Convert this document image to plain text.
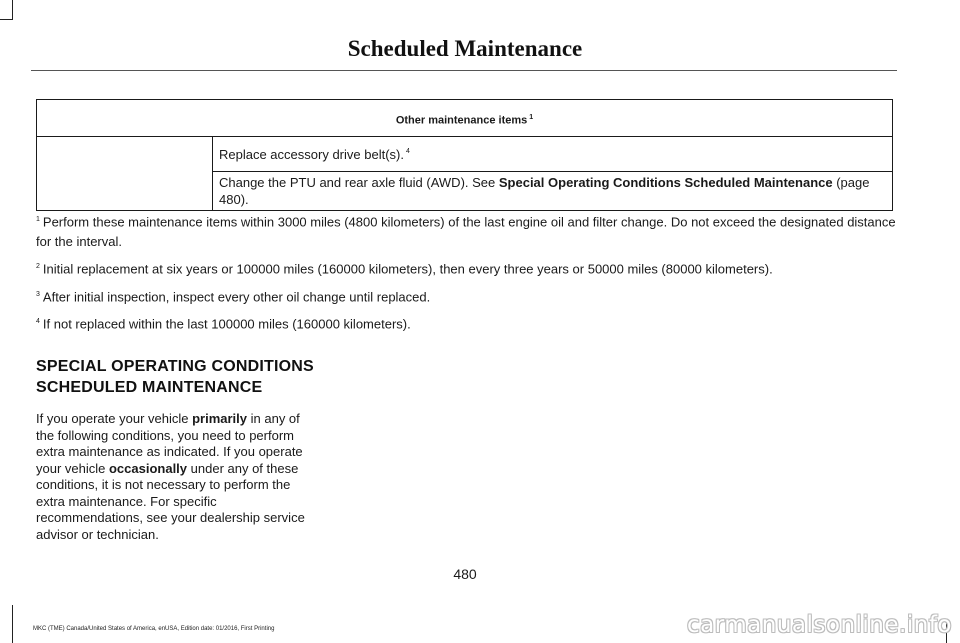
Scheduled Maintenance
Other maintenance items $^1$
	Replace accessory drive belt(s). $^4$
Change the PTU and rear axle fluid (AWD). See Special Operating Conditions Scheduled Maintenance (page 480).

$^1$ Perform these maintenance items within 3000 miles (4800 kilometers) of the last engine oil and filter change. Do not exceed the designated distance for the interval.

$^2$ Initial replacement at six years or 100000 miles (160000 kilometers), then every three years or 50000 miles (80000 kilometers).

$^3$ After initial inspection, inspect every other oil change until replaced.

$^4$ If not replaced within the last 100000 miles (160000 kilometers).

SPECIAL OPERATING CONDITIONS
SCHEDULED MAINTENANCE
If you operate your vehicle primarily in any of the following conditions, you need to perform extra maintenance as indicated. If you operate your vehicle occasionally under any of these conditions, it is not necessary to perform the extra maintenance. For specific recommendations, see your dealership service advisor or technician.
480
MKC (TME) Canada/United States of America, enUSA, Edition date: 01/2016, First Printing	carmanualsonline.info
